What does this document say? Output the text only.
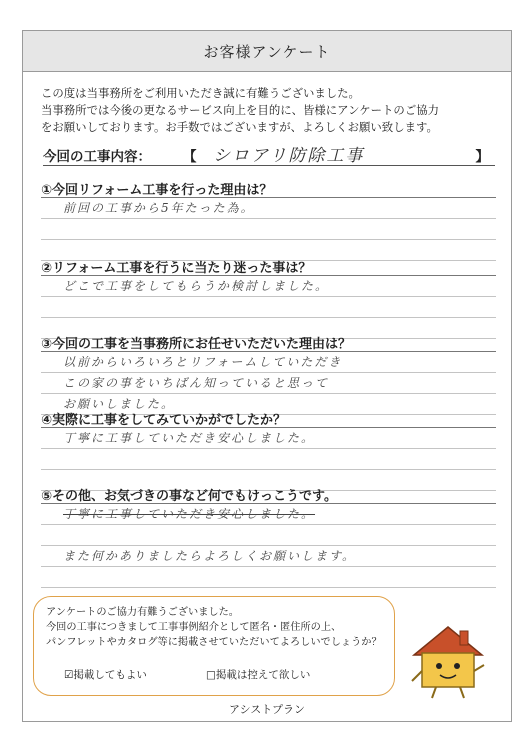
お客様アンケート
この度は当事務所をご利用いただき誠に有難うございました。
当事務所では今後の更なるサービス向上を目的に、皆様にアンケートのご協力
をお願いしております。お手数ではございますが、よろしくお願い致します。
今回の工事内容： 【 シロアリ防除工事	】
①今回リフォーム工事を行った理由は？
前回の工事から5年たった為。
②リフォーム工事を行うに当たり迷った事は？
どこで工事をしてもらうか検討しました。
③今回の工事を当事務所にお任せいただいた理由は？
以前からいろいろとリフォームしていただき
この家の事をいちばん知っていると思って
お願いしました。
④実際に工事をしてみていかがでしたか？
丁寧に工事していただき安心しました。
⑤その他、お気づきの事など何でもけっこうです。
丁寧に工事していただき安心しました。
また何かありましたらよろしくお願いします。
アンケートのご協力有難うございました。
今回の工事につきまして工事事例紹介として匿名・匿住所の上、
パンフレットやカタログ等に掲載させていただいてよろしいでしょうか？
☑掲載してもよい	□掲載は控えて欲しい
アシストプラン
